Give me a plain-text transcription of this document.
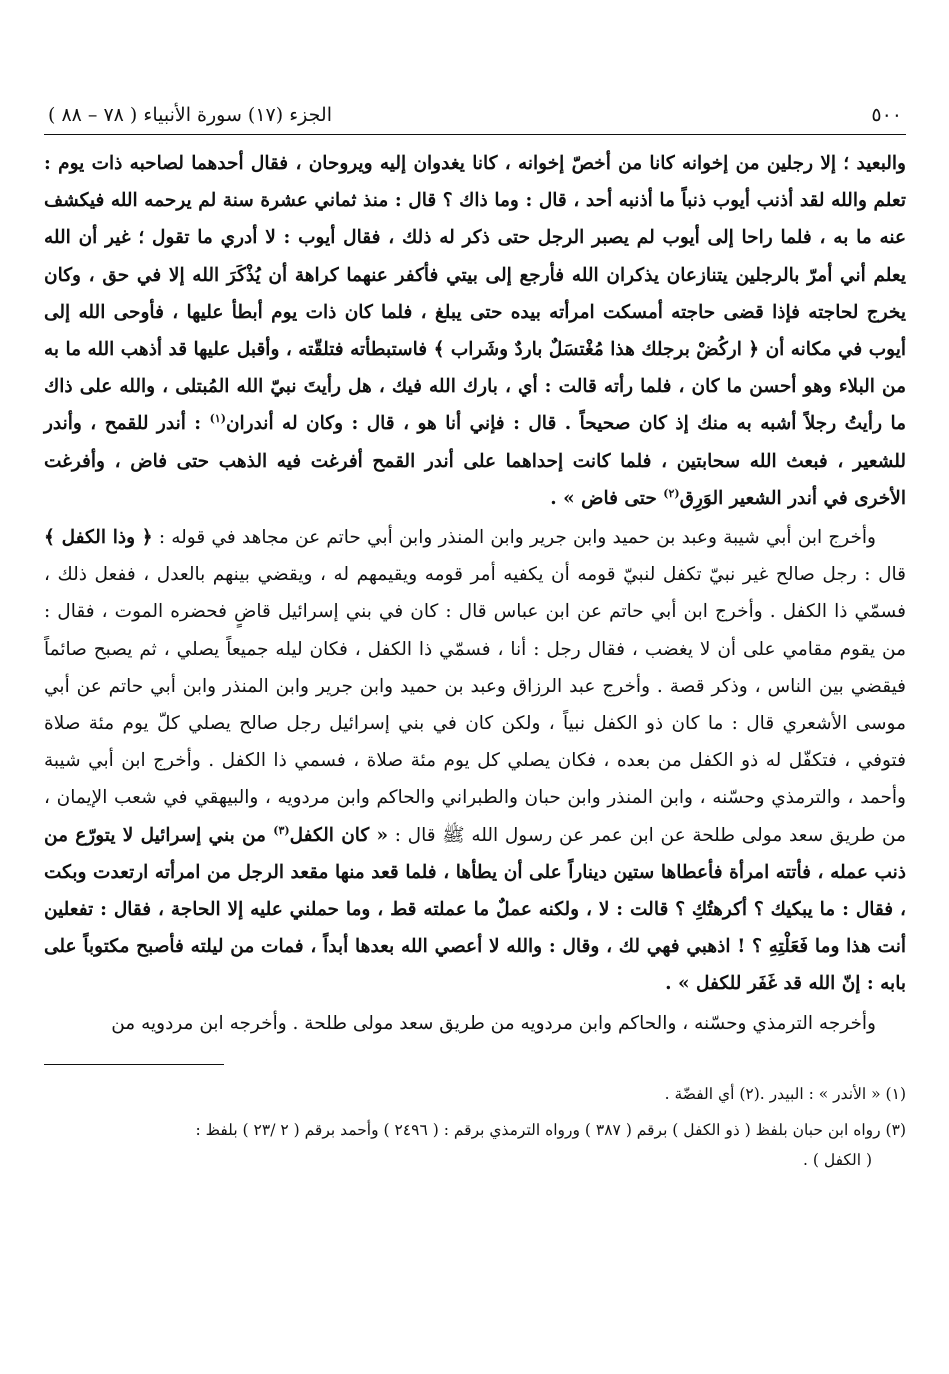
٥٠٠
الجزء (١٧) سورة الأنبياء ( ٧٨ – ٨٨ )

والبعيد ؛ إلا رجلين من إخوانه كانا من أخصّ إخوانه ، كانا يغدوان إليه ويروحان ، فقال أحدهما لصاحبه ذات يوم : تعلم والله لقد أذنب أيوب ذنباً ما أذنبه أحد ، قال : وما ذاك ؟ قال : منذ ثماني عشرة سنة لم يرحمه الله فيكشف عنه ما به ، فلما راحا إلى أيوب لم يصبر الرجل حتى ذكر له ذلك ، فقال أيوب : لا أدري ما تقول ؛ غير أن الله يعلم أني أمرّ بالرجلين يتنازعان يذكران الله فأرجع إلى بيتي فأكفر عنهما كراهة أن يُذْكَرَ الله إلا في حق ، وكان يخرج لحاجته فإذا قضى حاجته أمسكت امرأته بيده حتى يبلغ ، فلما كان ذات يوم أبطأ عليها ، فأوحى الله إلى أيوب في مكانه أن ﴿ اركُضْ برجلك هذا مُغْتسَلٌ باردٌ وشَراب ﴾ فاستبطأته فتلقّته ، وأقبل عليها قد أذهب الله ما به من البلاء وهو أحسن ما كان ، فلما رأته قالت : أي ، بارك الله فيك ، هل رأيتَ نبيّ الله المُبتلى ، والله على ذاك ما رأيتُ رجلاً أشبه به منك إذ كان صحيحاً . قال : فإني أنا هو ، قال : وكان له أندران$^{(١)}$ : أندر للقمح ، وأندر للشعير ، فبعث الله سحابتين ، فلما كانت إحداهما على أندر القمح أفرغت فيه الذهب حتى فاض ، وأفرغت الأخرى في أندر الشعير الوَرِق$^{(٢)}$ حتى فاض » .

وأخرج ابن أبي شيبة وعبد بن حميد وابن جرير وابن المنذر وابن أبي حاتم عن مجاهد في قوله : ﴿ وذا الكفل ﴾ قال : رجل صالح غير نبيّ تكفل لنبيّ قومه أن يكفيه أمر قومه ويقيمهم له ، ويقضي بينهم بالعدل ، ففعل ذلك ، فسمّي ذا الكفل . وأخرج ابن أبي حاتم عن ابن عباس قال : كان في بني إسرائيل قاضٍ فحضره الموت ، فقال : من يقوم مقامي على أن لا يغضب ، فقال رجل : أنا ، فسمّي ذا الكفل ، فكان ليله جميعاً يصلي ، ثم يصبح صائماً فيقضي بين الناس ، وذكر قصة . وأخرج عبد الرزاق وعبد بن حميد وابن جرير وابن المنذر وابن أبي حاتم عن أبي موسى الأشعري قال : ما كان ذو الكفل نبياً ، ولكن كان في بني إسرائيل رجل صالح يصلي كلّ يوم مئة صلاة فتوفي ، فتكفّل له ذو الكفل من بعده ، فكان يصلي كل يوم مئة صلاة ، فسمي ذا الكفل . وأخرج ابن أبي شيبة وأحمد ، والترمذي وحسّنه ، وابن المنذر وابن حبان والطبراني والحاكم وابن مردويه ، والبيهقي في شعب الإيمان ، من طريق سعد مولى طلحة عن ابن عمر عن رسول الله ﷺ قال : « كان الكفل$^{(٣)}$ من بني إسرائيل لا يتورّع من ذنب عمله ، فأتته امرأة فأعطاها ستين ديناراً على أن يطأها ، فلما قعد منها مقعد الرجل من امرأته ارتعدت وبكت ، فقال : ما يبكيك ؟ أكرهتُكِ ؟ قالت : لا ، ولكنه عملٌ ما عملته قط ، وما حملني عليه إلا الحاجة ، فقال : تفعلين أنت هذا وما فَعَلْتِهِ ؟ ! اذهبي فهي لك ، وقال : والله لا أعصي الله بعدها أبداً ، فمات من ليلته فأصبح مكتوباً على بابه : إنّ الله قد غَفَر للكفل » .

وأخرجه الترمذي وحسّنه ، والحاكم وابن مردويه من طريق سعد مولى طلحة . وأخرجه ابن مردويه من

(١) « الأندر » : البيدر .(٢) أي الفضّة .

(٣) رواه ابن حبان بلفظ ( ذو الكفل ) برقم ( ٣٨٧ ) ورواه الترمذي برقم : ( ٢٤٩٦ ) وأحمد برقم ( ٢ /٢٣ ) بلفظ :
( الكفل ) .
